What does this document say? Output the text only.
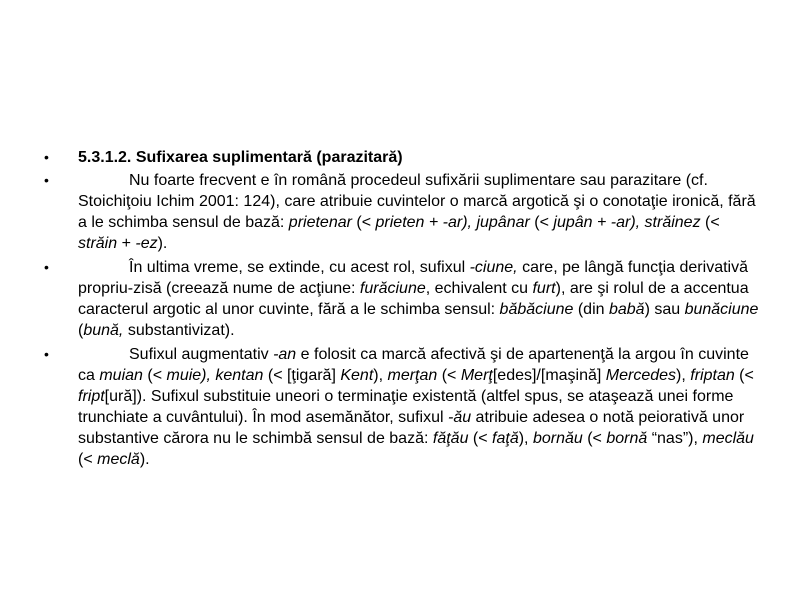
•	5.3.1.2. Sufixarea suplimentară (parazitară)
•	Nu foarte frecvent e în română procedeul sufixării suplimentare sau parazitare (cf. Stoichiţoiu Ichim 2001: 124), care atribuie cuvintelor o marcă argotică şi o conotaţie ironică, fără a le schimba sensul de bază: prietenar (< prieten + -ar), jupânar (< jupân + -ar), străinez (< străin + -ez).
•	În ultima vreme, se extinde, cu acest rol, sufixul -ciune, care, pe lângă funcţia derivativă propriu-zisă (creează nume de acţiune: furăciune, echivalent cu furt), are şi rolul de a accentua caracterul argotic al unor cuvinte, fără a le schimba sensul: băbăciune (din babă) sau bunăciune (bună, substantivizat).
•	Sufixul augmentativ -an e folosit ca marcă afectivă şi de apartenenţă la argou în cuvinte ca muian (< muie), kentan (< [ţigară] Kent), merţan (< Merţ[edes]/[maşină] Mercedes), friptan (< fript[ură]). Sufixul substituie uneori o terminaţie existentă (altfel spus, se ataşează unei forme trunchiate a cuvântului). În mod asemănător, sufixul -ău atribuie adesea o notă peiorativă unor substantive cărora nu le schimbă sensul de bază: făţău (< faţă), bornău (< bornă “nas”), meclău (< meclă).
